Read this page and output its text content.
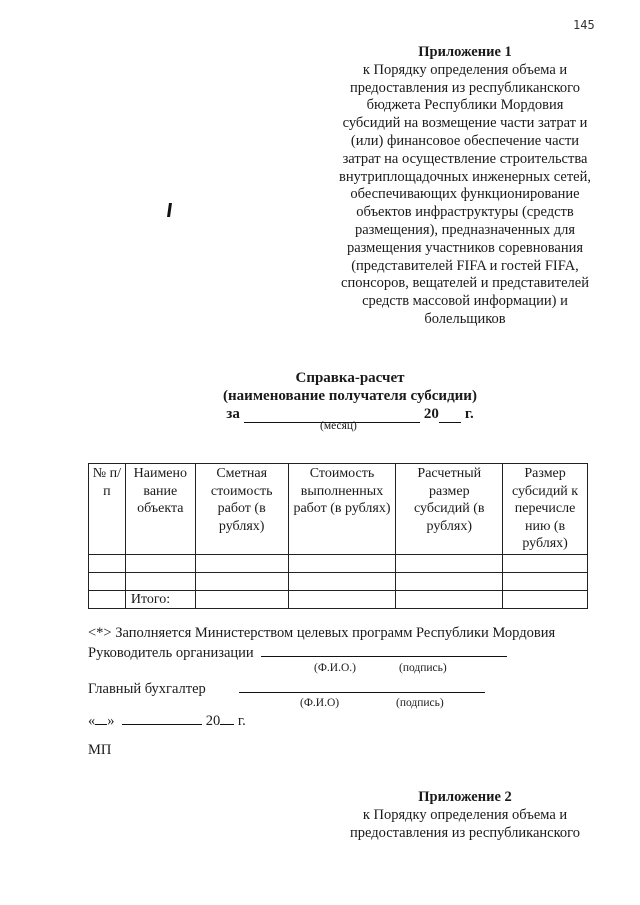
145
Приложение 1
к Порядку определения объема и
предоставления из республиканского
бюджета Республики Мордовия
субсидий на возмещение части затрат и
(или) финансовое обеспечение части
затрат на осуществление строительства
внутриплощадочных инженерных сетей,
обеспечивающих функционирование
объектов инфраструктуры (средств
размещения), предназначенных для
размещения участников соревнования
(представителей FIFA и гостей FIFA,
спонсоров, вещателей и представителей
средств массовой информации) и
болельщиков
Справка-расчет
(наименование получателя субсидии)
за	20 г.
(месяц)
№ п/п	Наимено вание объекта	Сметная стоимость работ (в рублях)	Стоимость выполненных работ (в рублях)	Расчетный размер субсидий (в рублях)	Размер субсидий к перечисле нию (в рублях)

	Итого:				
<*> Заполняется Министерством целевых программ Республики Мордовия
Руководитель организации
(Ф.И.О.)	(подпись)
Главный бухгалтер
(Ф.И.О)	(подпись)
« »	20 г.
МП
Приложение 2
к Порядку определения объема и
предоставления из республиканского
